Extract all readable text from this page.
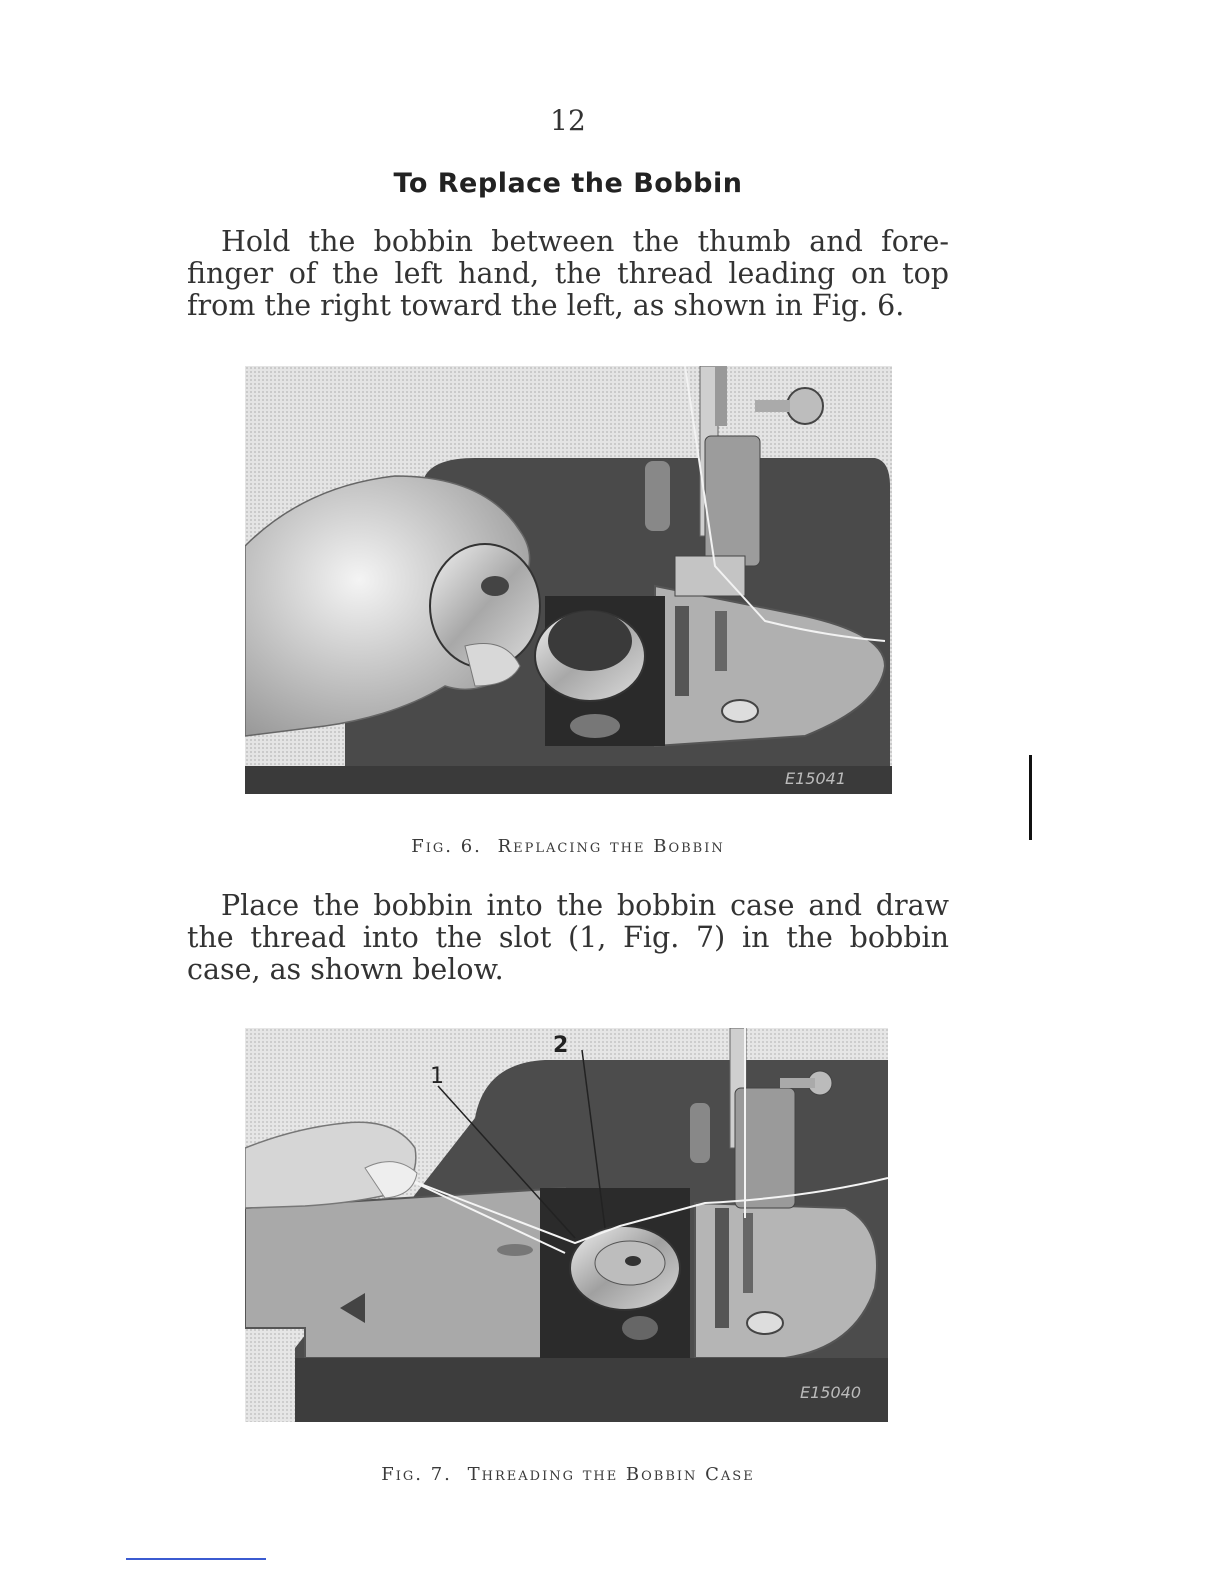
12
To Replace the Bobbin
Hold the bobbin between the thumb and fore-
finger of the left hand, the thread leading on top
from the right toward the left, as shown in Fig. 6.
E15041
Fig. 6. Replacing the Bobbin
Place the bobbin into the bobbin case and draw
the thread into the slot (1, Fig. 7) in the bobbin
case, as shown below.
1
2
E15040
Fig. 7. Threading the Bobbin Case
